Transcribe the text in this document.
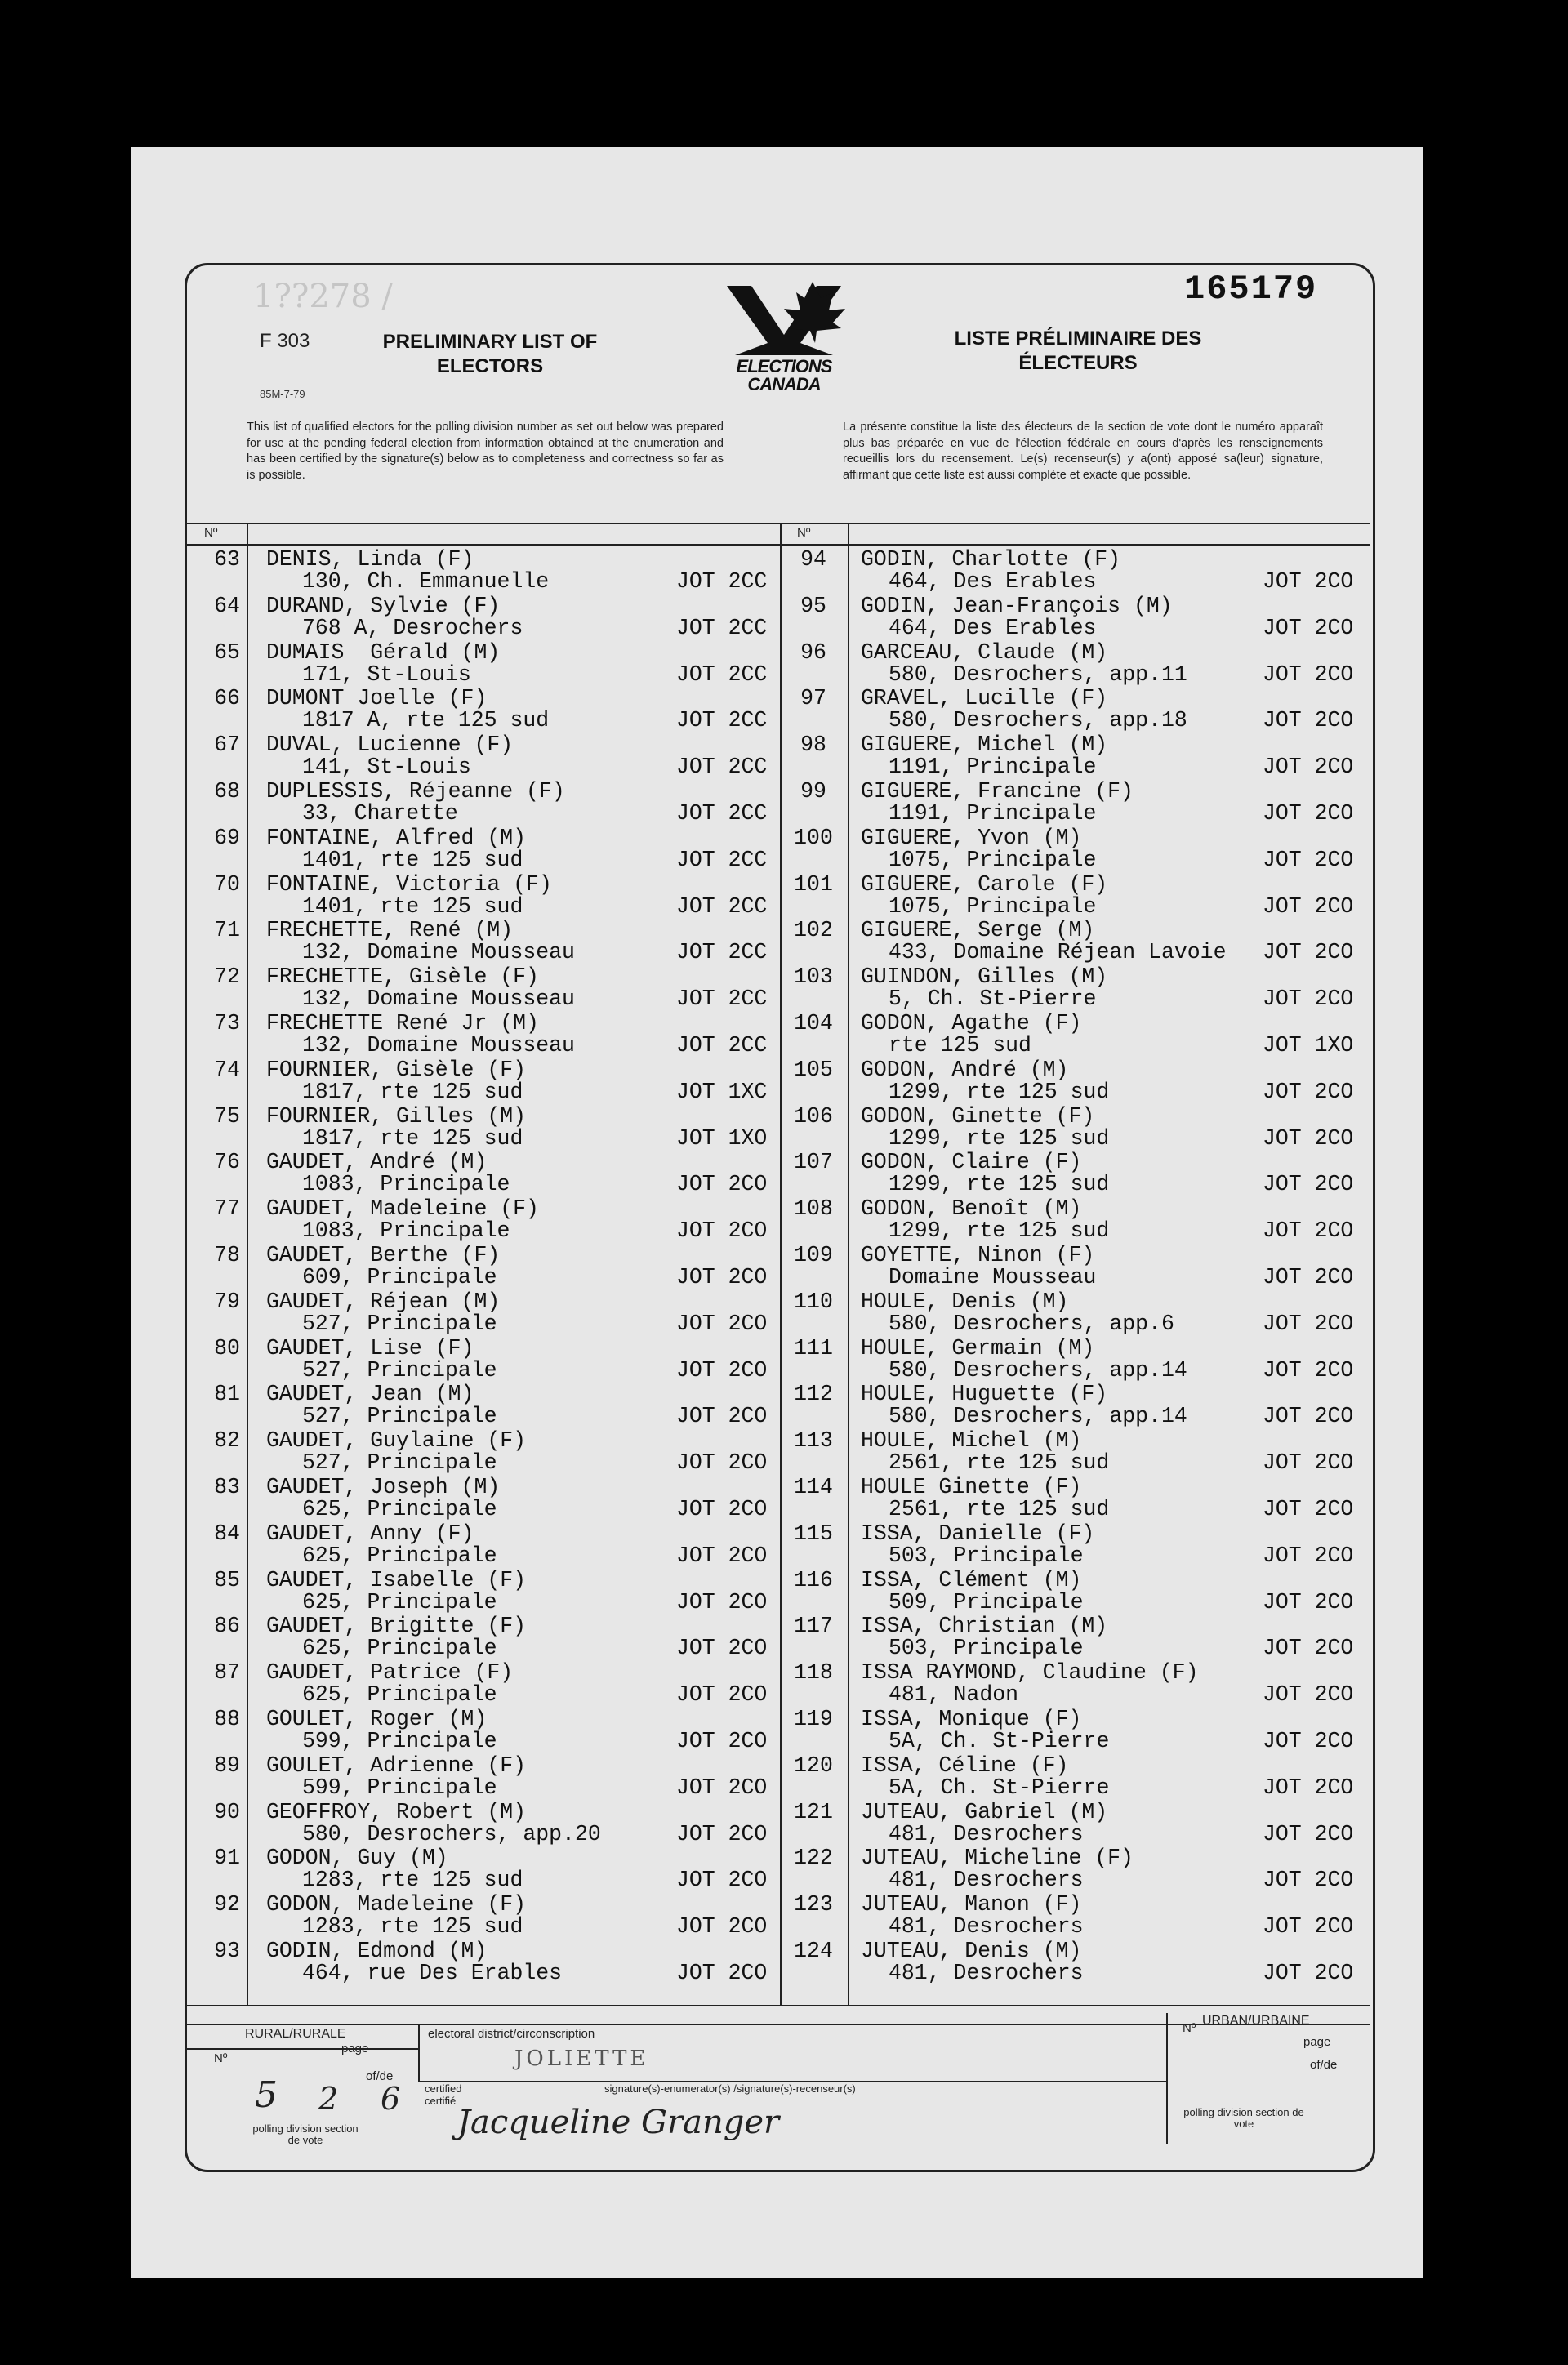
1??278 /	165179
F 303
85M-7-79
PRELIMINARY LIST OF
ELECTORS	ELECTIONS
CANADA
LISTE PRÉLIMINAIRE DES
ÉLECTEURS
This list of qualified electors for the polling division number as set out below was prepared for use at the pending federal election from information obtained at the enumeration and has been certified by the signature(s) below as to completeness and correctness so far as is possible.
La présente constitue la liste des électeurs de la section de vote dont le numéro apparaît plus bas préparée en vue de l'élection fédérale en cours d'après les renseignements recueillis lors du recensement. Le(s) recenseur(s) y a(ont) apposé sa(leur) signature, affirmant que cette liste est aussi complète et exacte que possible.
Nº	Nº
63	DENIS, Linda (F)
130, Ch. Emmanuelle	JOT 2CC
64	DURAND, Sylvie (F)
768 A, Desrochers	JOT 2CC
65	DUMAIS  Gérald (M)
171, St-Louis	JOT 2CC
66	DUMONT Joelle (F)
1817 A, rte 125 sud	JOT 2CC
67	DUVAL, Lucienne (F)
141, St-Louis	JOT 2CC
68	DUPLESSIS, Réjeanne (F)
33, Charette	JOT 2CC
69	FONTAINE, Alfred (M)
1401, rte 125 sud	JOT 2CC
70	FONTAINE, Victoria (F)
1401, rte 125 sud	JOT 2CC
71	FRECHETTE, René (M)
132, Domaine Mousseau	JOT 2CC
72	FRECHETTE, Gisèle (F)
132, Domaine Mousseau	JOT 2CC
73	FRECHETTE René Jr (M)
132, Domaine Mousseau	JOT 2CC
74	FOURNIER, Gisèle (F)
1817, rte 125 sud	JOT 1XC
75	FOURNIER, Gilles (M)
1817, rte 125 sud	JOT 1XO
76	GAUDET, André (M)
1083, Principale	JOT 2CO
77	GAUDET, Madeleine (F)
1083, Principale	JOT 2CO
78	GAUDET, Berthe (F)
609, Principale	JOT 2CO
79	GAUDET, Réjean (M)
527, Principale	JOT 2CO
80	GAUDET, Lise (F)
527, Principale	JOT 2CO
81	GAUDET, Jean (M)
527, Principale	JOT 2CO
82	GAUDET, Guylaine (F)
527, Principale	JOT 2CO
83	GAUDET, Joseph (M)
625, Principale	JOT 2CO
84	GAUDET, Anny (F)
625, Principale	JOT 2CO
85	GAUDET, Isabelle (F)
625, Principale	JOT 2CO
86	GAUDET, Brigitte (F)
625, Principale	JOT 2CO
87	GAUDET, Patrice (F)
625, Principale	JOT 2CO
88	GOULET, Roger (M)
599, Principale	JOT 2CO
89	GOULET, Adrienne (F)
599, Principale	JOT 2CO
90	GEOFFROY, Robert (M)
580, Desrochers, app.20	JOT 2CO
91	GODON, Guy (M)
1283, rte 125 sud	JOT 2CO
92	GODON, Madeleine (F)
1283, rte 125 sud	JOT 2CO
93	GODIN, Edmond (M)
464, rue Des Erables	JOT 2CO
94	GODIN, Charlotte (F)
464, Des Erables	JOT 2CO
95	GODIN, Jean-François (M)
464, Des Erables	JOT 2CO
96	GARCEAU, Claude (M)
580, Desrochers, app.11	JOT 2CO
97	GRAVEL, Lucille (F)
580, Desrochers, app.18	JOT 2CO
98	GIGUERE, Michel (M)
1191, Principale	JOT 2CO
99	GIGUERE, Francine (F)
1191, Principale	JOT 2CO
100 GIGUERE, Yvon (M)
1075, Principale	JOT 2CO
101 GIGUERE, Carole (F)
1075, Principale	JOT 2CO
102 GIGUERE, Serge (M)
433, Domaine Réjean Lavoie JOT 2CO
103 GUINDON, Gilles (M)
5, Ch. St-Pierre	JOT 2CO
104 GODON, Agathe (F)
rte 125 sud	JOT 1XO
105 GODON, André (M)
1299, rte 125 sud	JOT 2CO
106 GODON, Ginette (F)
1299, rte 125 sud	JOT 2CO
107 GODON, Claire (F)
1299, rte 125 sud	JOT 2CO
108 GODON, Benoît (M)
1299, rte 125 sud	JOT 2CO
109 GOYETTE, Ninon (F)
Domaine Mousseau	JOT 2CO
110 HOULE, Denis (M)
580, Desrochers, app.6	JOT 2CO
111 HOULE, Germain (M)
580, Desrochers, app.14	JOT 2CO
112 HOULE, Huguette (F)
580, Desrochers, app.14	JOT 2CO
113 HOULE, Michel (M)
2561, rte 125 sud	JOT 2CO
114 HOULE Ginette (F)
2561, rte 125 sud	JOT 2CO
115 ISSA, Danielle (F)
503, Principale	JOT 2CO
116 ISSA, Clément (M)
509, Principale	JOT 2CO
117 ISSA, Christian (M)
503, Principale	JOT 2CO
118 ISSA RAYMOND, Claudine (F)
481, Nadon	JOT 2CO
119 ISSA, Monique (F)
5A, Ch. St-Pierre	JOT 2CO
120 ISSA, Céline (F)
5A, Ch. St-Pierre	JOT 2CO
121 JUTEAU, Gabriel (M)
481, Desrochers	JOT 2CO
122 JUTEAU, Micheline (F)
481, Desrochers	JOT 2CO
123 JUTEAU, Manon (F)
481, Desrochers	JOT 2CO
124 JUTEAU, Denis (M)
481, Desrochers	JOT 2CO
RURAL/RURALE
URBAN/URBAINE
electoral district/circonscription
JOLIETTE
Nº
page
of/de
5 2 6 certified certifié
signature(s)-enumerator(s) /signature(s)-recenseur(s)
Jacqueline Granger
polling division section de vote
Nº
page
of/de
polling division section de vote
